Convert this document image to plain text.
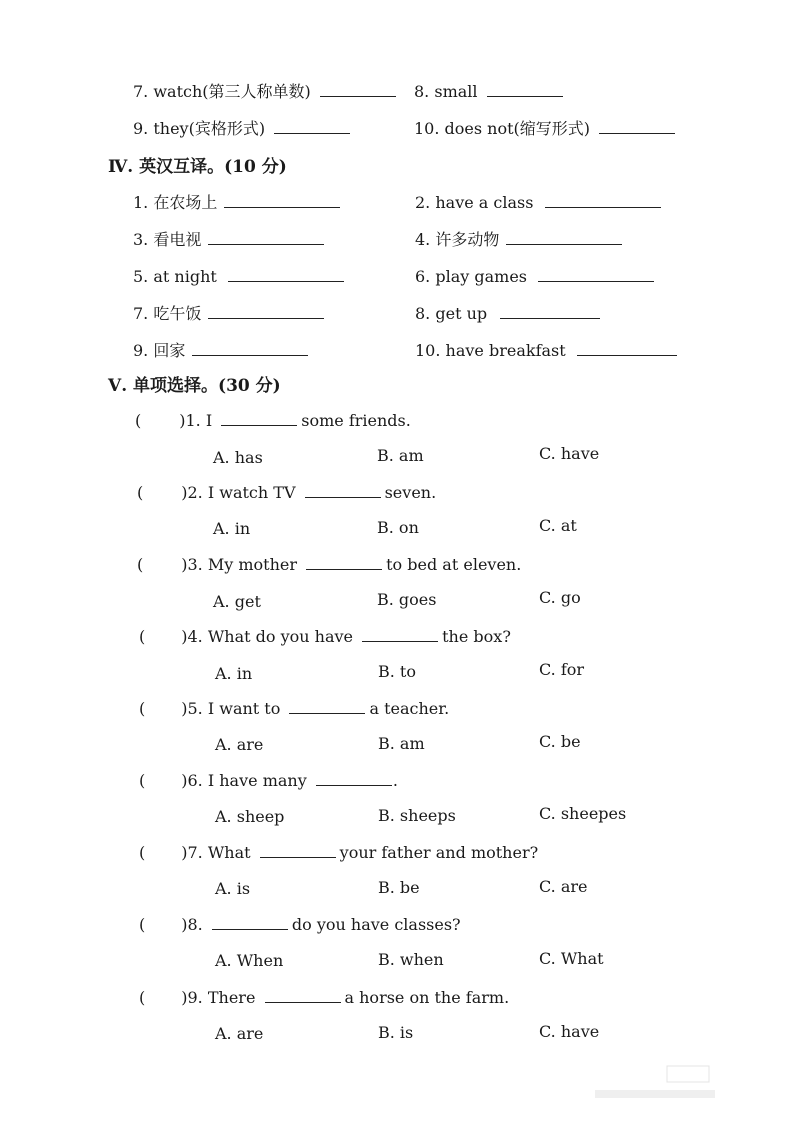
7. watch(第三人称单数)	8. small
9. they(宾格形式)	10. does not(缩写形式)
Ⅳ. 英汉互译。(10 分)
1. 在农场上	2. have a class
3. 看电视	4. 许多动物
5. at night	6. play games
7. 吃午饭	8. get up
9. 回家	10. have breakfast
Ⅴ. 单项选择。(30 分)
( )1. I	some friends.
A. has	B. am	C. have
( )2. I watch TV	seven.
A. in	B. on	C. at
( )3. My mother	to bed at eleven.
A. get	B. goes	C. go
( )4. What do you have	the box?
A. in	B. to	C. for
( )5. I want to	a teacher.
A. are	B. am	C. be
( )6. I have many	.
A. sheep	B. sheeps	C. sheepes
( )7. What	your father and mother?
A. is	B. be	C. are
( )8.	do you have classes?
A. When	B. when	C. What
( )9. There	a horse on the farm.
A. are	B. is	C. have
